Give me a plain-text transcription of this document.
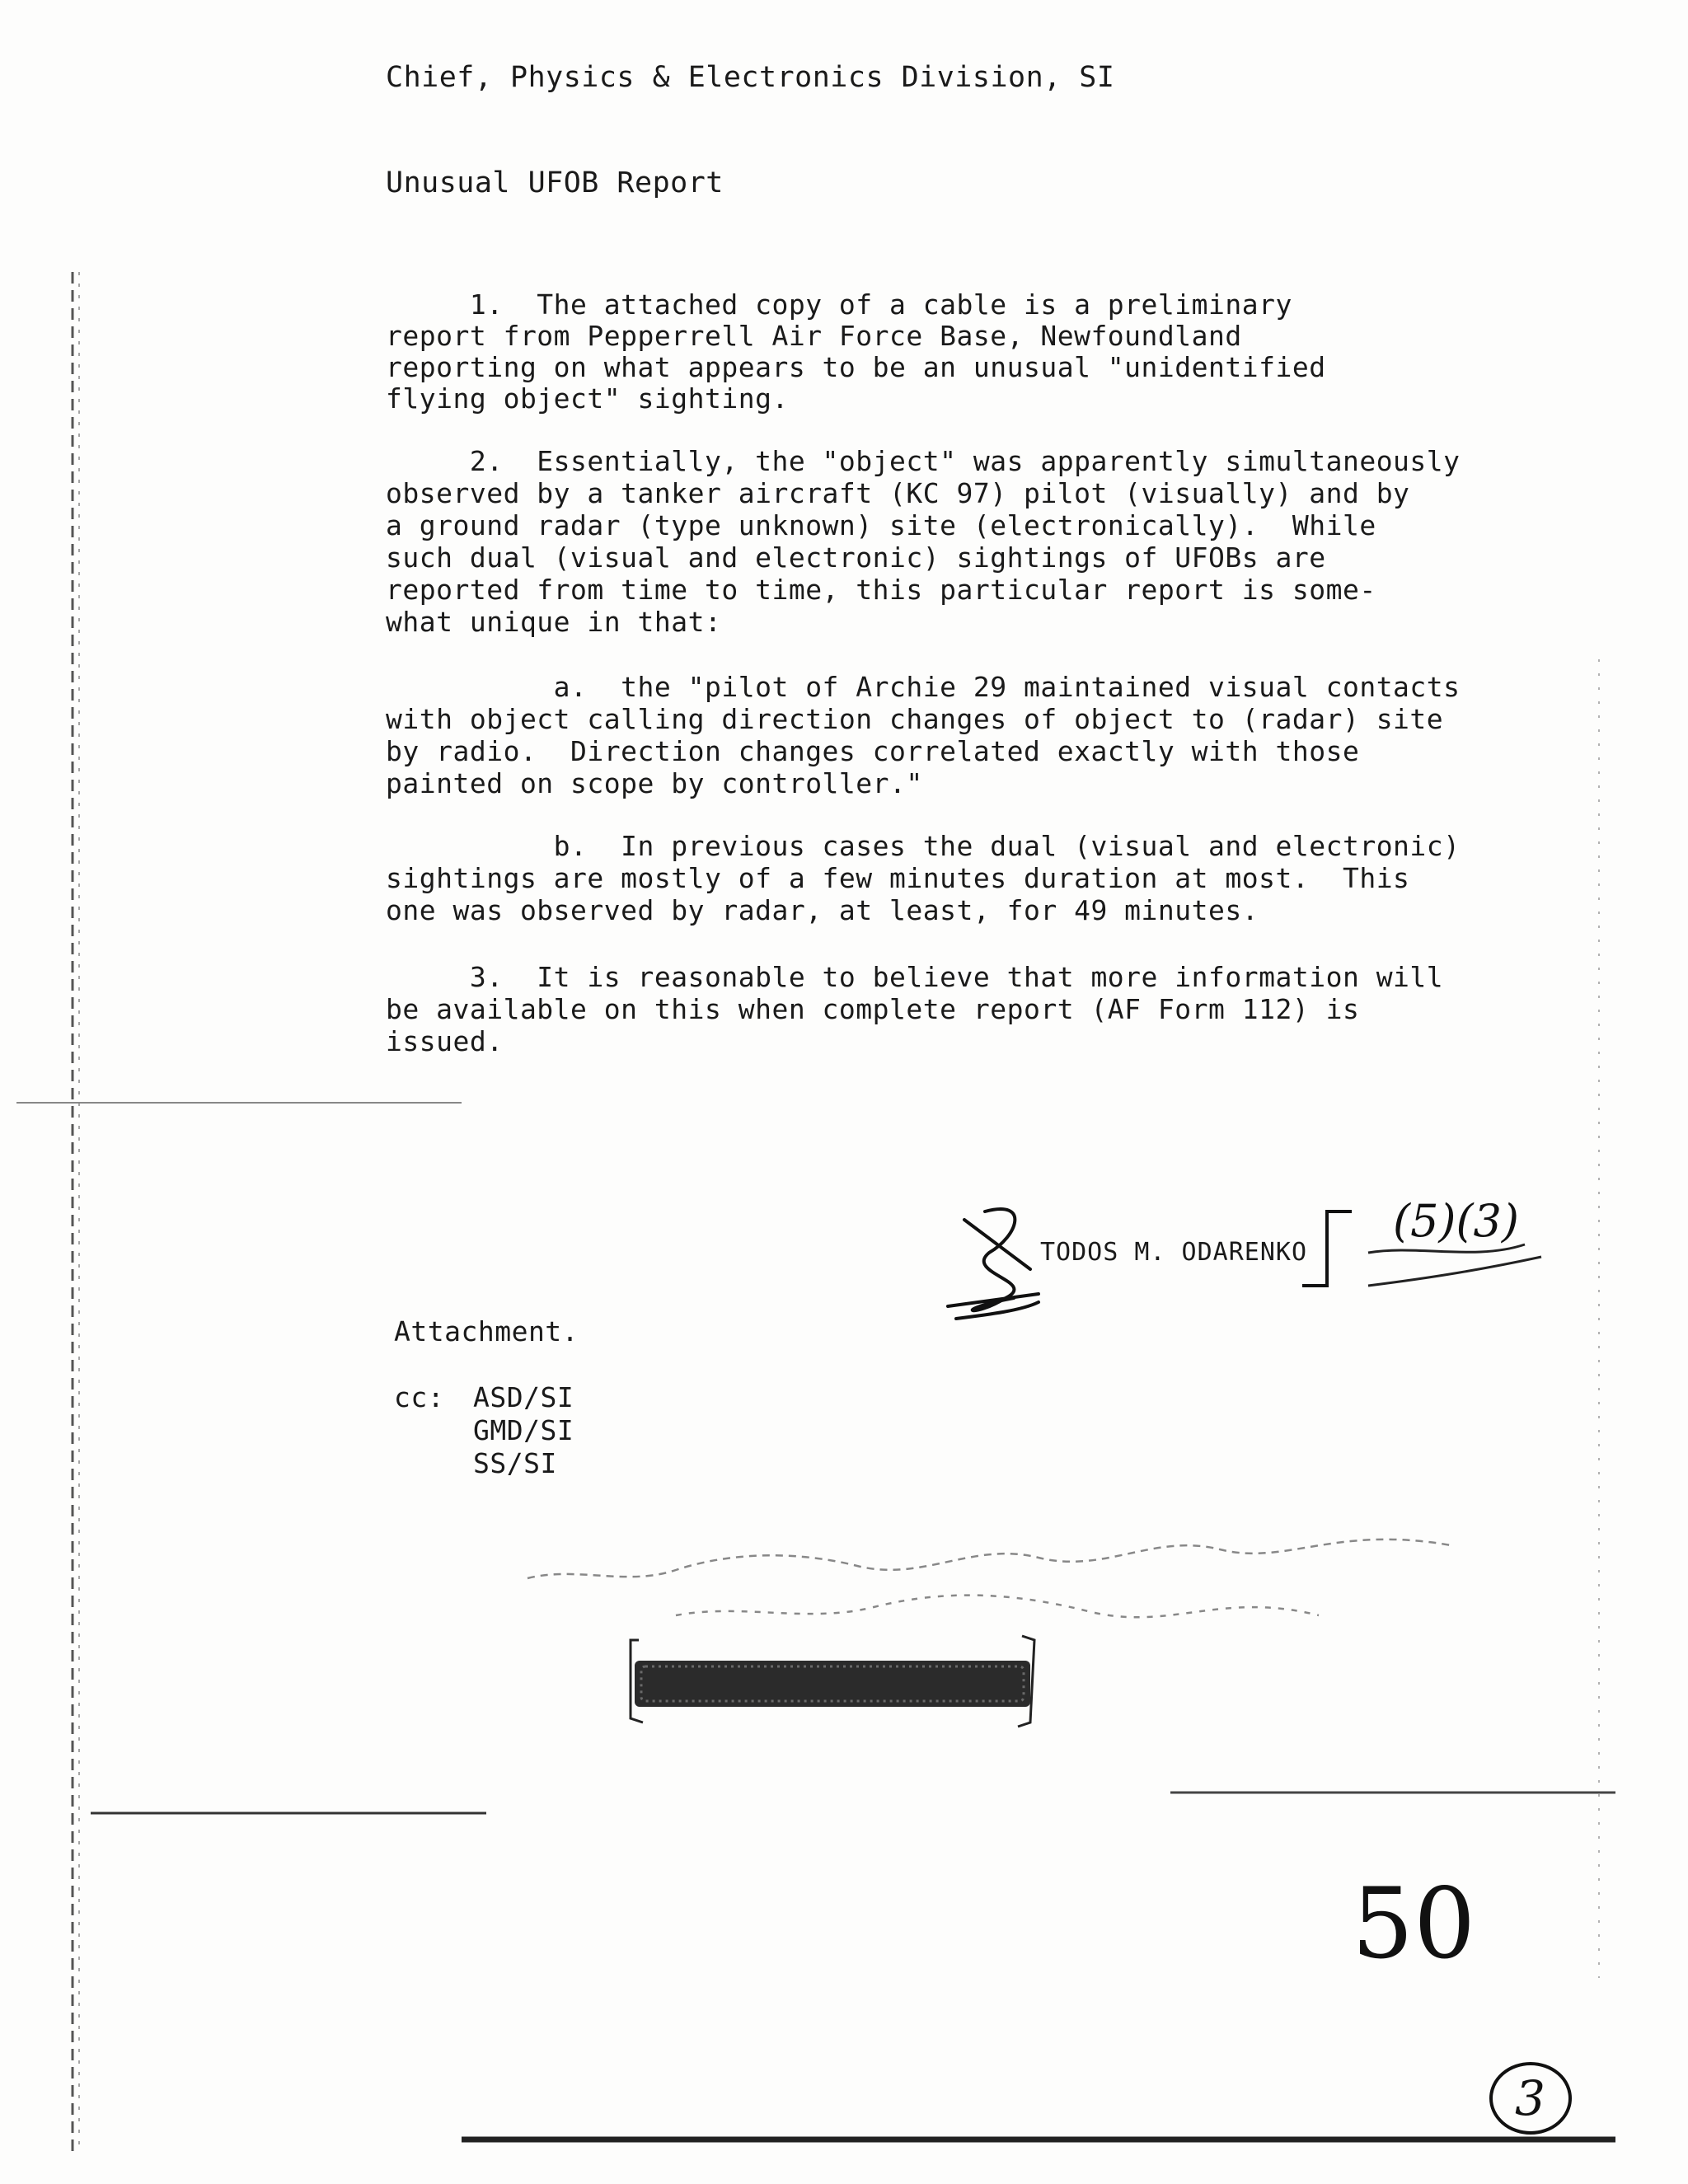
Chief, Physics & Electronics Division, SI
Unusual UFOB Report
1.  The attached copy of a cable is a preliminary
report from Pepperrell Air Force Base, Newfoundland
reporting on what appears to be an unusual "unidentified
flying object" sighting.
2.  Essentially, the "object" was apparently simultaneously
observed by a tanker aircraft (KC 97) pilot (visually) and by
a ground radar (type unknown) site (electronically).  While
such dual (visual and electronic) sightings of UFOBs are
reported from time to time, this particular report is some-
what unique in that:
a.  the "pilot of Archie 29 maintained visual contacts
with object calling direction changes of object to (radar) site
by radio.  Direction changes correlated exactly with those
painted on scope by controller."
b.  In previous cases the dual (visual and electronic)
sightings are mostly of a few minutes duration at most.  This
one was observed by radar, at least, for 49 minutes.
3.  It is reasonable to believe that more information will
be available on this when complete report (AF Form 112) is
issued.
TODOS M. ODARENKO
(5)(3)
Attachment.
cc: ASD/SI
GMD/SI
SS/SI
50
3
